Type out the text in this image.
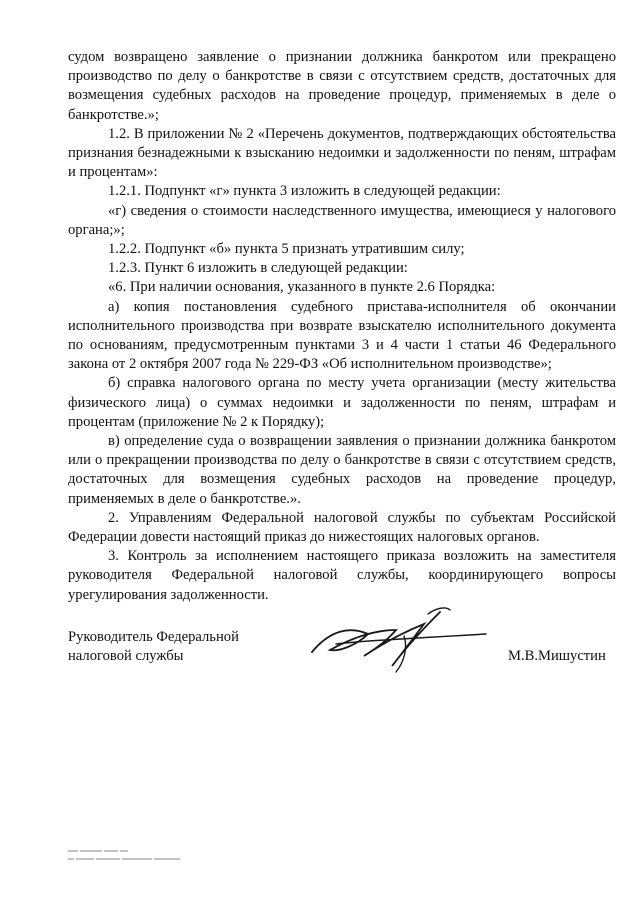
судом возвращено заявление о признании должника банкротом или прекращено производство по делу о банкротстве в связи с отсутствием средств, достаточных для возмещения судебных расходов на проведение процедур, применяемых в деле о банкротстве.»;

1.2. В приложении № 2 «Перечень документов, подтверждающих обстоятельства признания безнадежными к взысканию недоимки и задолженности по пеням, штрафам и процентам»:

1.2.1. Подпункт «г» пункта 3 изложить в следующей редакции:

«г) сведения о стоимости наследственного имущества, имеющиеся у налогового органа;»;

1.2.2. Подпункт «б» пункта 5 признать утратившим силу;

1.2.3. Пункт 6 изложить в следующей редакции:

«6. При наличии основания, указанного в пункте 2.6 Порядка:

а) копия постановления судебного пристава-исполнителя об окончании исполнительного производства при возврате взыскателю исполнительного документа по основаниям, предусмотренным пунктами 3 и 4 части 1 статьи 46 Федерального закона от 2 октября 2007 года № 229-ФЗ «Об исполнительном производстве»;

б) справка налогового органа по месту учета организации (месту жительства физического лица) о суммах недоимки и задолженности по пеням, штрафам и процентам (приложение № 2 к Порядку);

в) определение суда о возвращении заявления о признании должника банкротом или о прекращении производства по делу о банкротстве в связи с отсутствием средств, достаточных для возмещения судебных расходов на проведение процедур, применяемых в деле о банкротстве.».

2. Управлениям Федеральной налоговой службы по субъектам Российской Федерации довести настоящий приказ до нижестоящих налоговых органов.

3. Контроль за исполнением настоящего приказа возложить на заместителя руководителя Федеральной налоговой службы, координирующего вопросы урегулирования задолженности.

Руководитель Федеральной
налоговой службы	М.В.Мишустин
